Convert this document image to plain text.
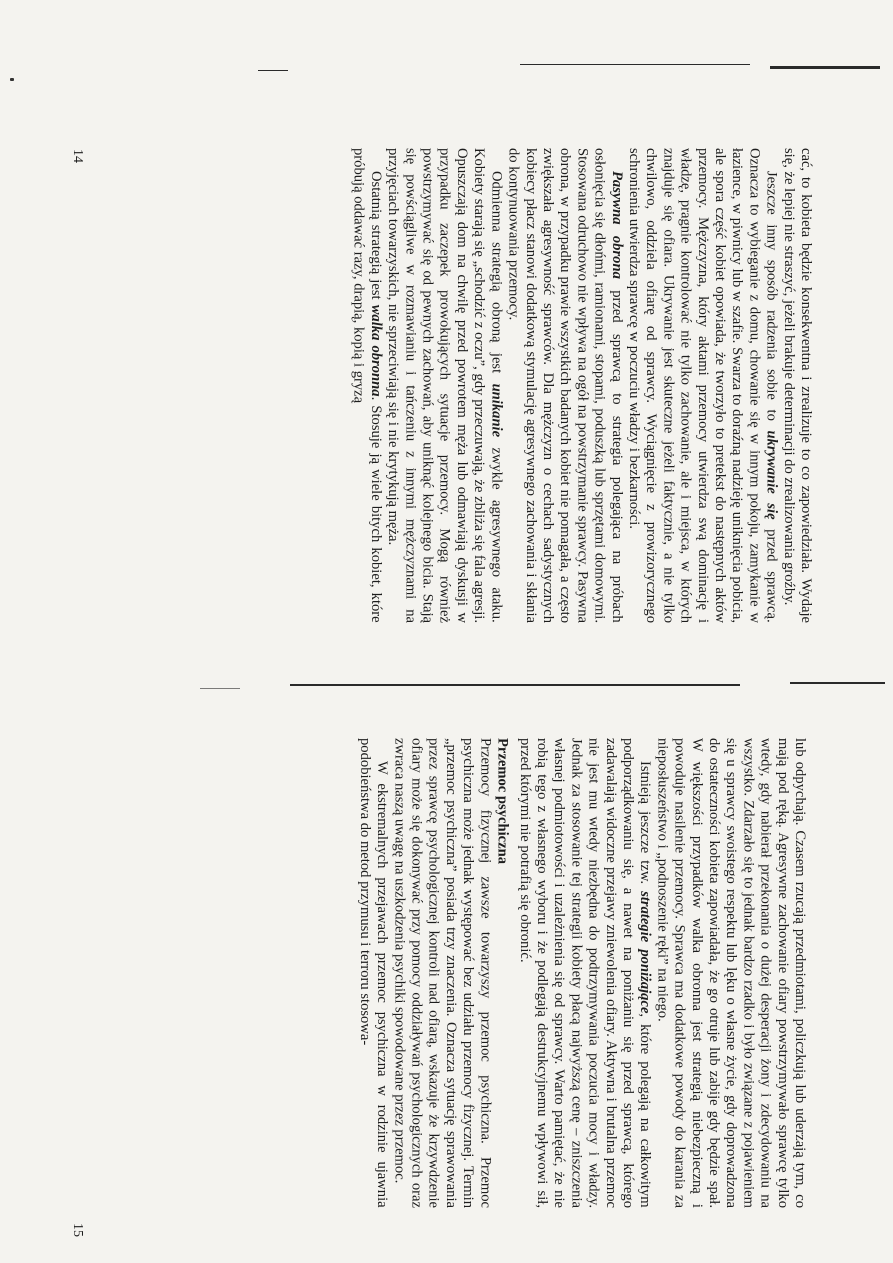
14
15

cać, to kobieta będzie konsekwentna i zrealizuje to co zapowiedziała. Wydaje się, że lepiej nie straszyć, jeżeli brakuje determinacji do zrealizowania groźby.

Jeszcze inny sposób radzenia sobie to ukrywanie się przed sprawcą. Oznacza to wybieganie z domu, chowanie się w innym pokoju, zamykanie w łazience, w piwnicy lub w szafie. Swarza to doraźną nadzieję uniknięcia pobicia, ale spora część kobiet opowiada, że tworzyło to pretekst do następnych aktów przemocy. Mężczyzna, który aktami przemocy utwierdza swą dominację i władzę, pragnie kontrolować nie tylko zachowanie, ale i miejsca, w których znajduje się ofiara. Ukrywanie jest skuteczne jeżeli faktycznie, a nie tylko chwilowo, oddziela ofiarę od sprawcy. Wyciągnięcie z prowizorycznego schronienia utwierdza sprawcę w poczuciu władzy i bezkarności.

Pasywna obrona przed sprawcą to strategia polegająca na próbach osłonięcia się dłońmi, ramionami, stopami, poduszką lub sprzętami domowymi. Stosowana odruchowo nie wpływa na ogół na powstrzymanie sprawcy. Pasywna obrona, w przypadku prawie wszystkich badanych kobiet nie pomagała, a często zwiększała agresywność sprawców. Dla mężczyzn o cechach sadystycznych kobiecy płacz stanowi dodatkową stymulację agresywnego zachowania i skłania do kontynuowania przemocy.

Odmienna strategią obroną jest unikanie zwykle agresywnego ataku. Kobiety starają się „schodzić z oczu”, gdy przeczuwają, że zbliża się fala agresji. Opuszczają dom na chwilę przed powrotem męża lub odmawiają dyskusji w przypadku zaczepek prowokujących sytuacje przemocy. Mogą również powstrzymywać się od pewnych zachowań, aby uniknąć kolejnego bicia. Stają się powściągliwe w rozmawianiu i tańczeniu z innymi mężczyznami na przyjęciach towarzyskich, nie sprzeciwiają się i nie krytykują męża.

Ostatnią strategią jest walka obronna. Stosuje ją wiele bitych kobiet, które próbują oddawać razy, drapią, kopią i gryzą

lub odpychają. Czasem rzucają przedmiotami, policzkują lub uderzają tym, co mają pod ręką. Agresywne zachowanie ofiary powstrzymywało sprawcę tylko wtedy, gdy nabierał przekonania o dużej desperacji żony i zdecydowaniu na wszystko. Zdarzało się to jednak bardzo rzadko i było związane z pojawieniem się u sprawcy swoistego respektu lub lęku o własne życie, gdy doprowadzona do ostateczności kobieta zapowiadała, że go otruje lub zabije gdy będzie spał. W większości przypadków walka obronna jest strategią niebezpieczną i powoduje nasilenie przemocy. Sprawca ma dodatkowe powody do karania za nieposłuszeństwo i „podnoszenie ręki” na niego.

Istnieją jeszcze tzw. strategie poniżające, które polegają na całkowitym podporządkowaniu się, a nawet na poniżaniu się przed sprawcą, którego zadawalają widoczne przejawy zniewolenia ofiary. Aktywna i brutalna przemoc nie jest mu wtedy niezbędna do podtrzymywania poczucia mocy i władzy. Jednak za stosowanie tej strategii kobiety płacą najwyższą cenę – zniszczenia własnej podmiotowości i uzależnienia się od sprawcy. Warto pamiętać, że nie robią tego z własnego wyboru i że podlegają destrukcyjnemu wpływowi sił, przed którymi nie potrafią się obronić.

Przemoc psychiczna

Przemocy fizycznej zawsze towarzyszy przemoc psychiczna. Przemoc psychiczna może jednak występować bez udziału przemocy fizycznej. Termin „przemoc psychiczna” posiada trzy znaczenia. Oznacza sytuację sprawowania przez sprawcę psychologicznej kontroli nad ofiarą, wskazuje że krzywdzenie ofiary może się dokonywać przy pomocy oddziaływań psychologicznych oraz zwraca naszą uwagę na uszkodzenia psychiki spowodowane przez przemoc.

W ekstremalnych przejawach przemoc psychiczna w rodzinie ujawnia podobieństwa do metod przymusu i terroru stosowa-
